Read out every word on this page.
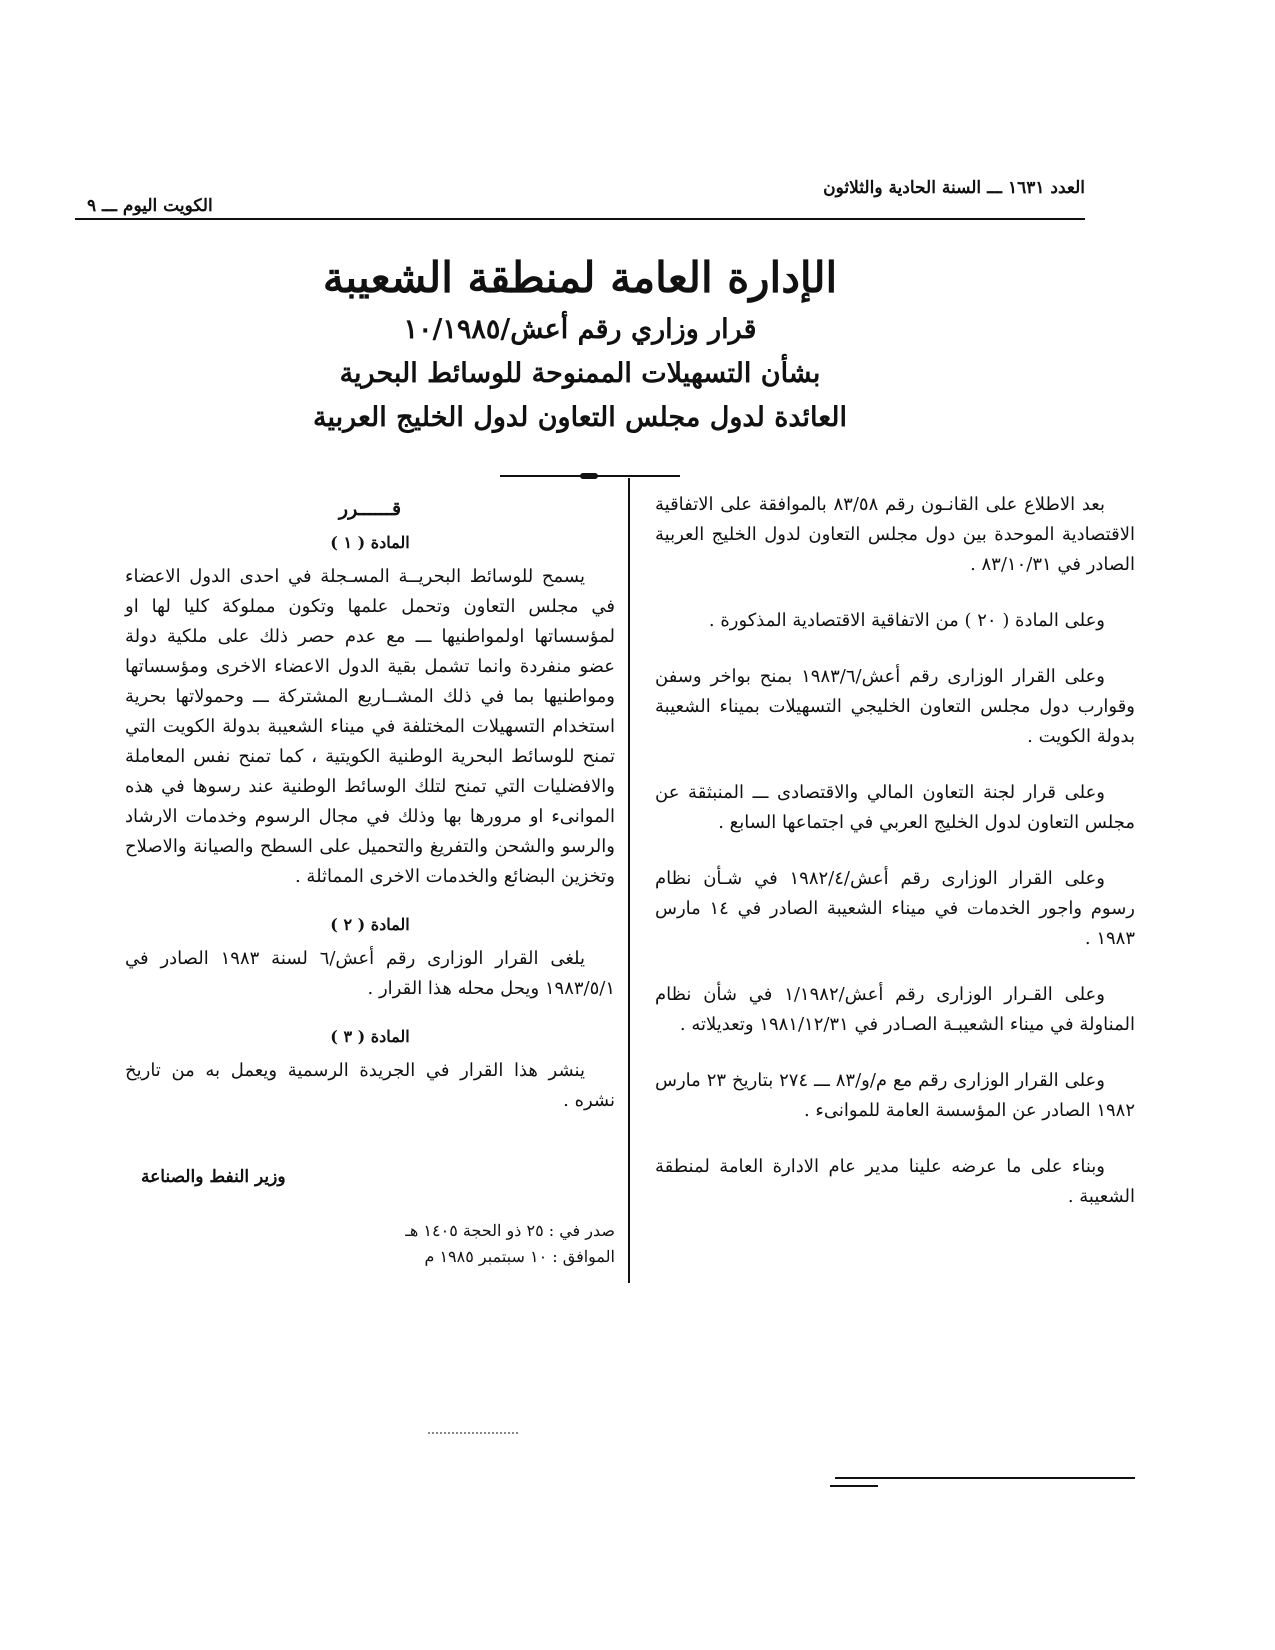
العدد ١٦٣١ ـــ السنة الحادية والثلاثون
الكويت اليوم ـــ ٩
الإدارة العامة لمنطقة الشعيبة
قرار وزاري رقم أعش/١٠/١٩٨٥
بشأن التسهيلات الممنوحة للوسائط البحرية
العائدة لدول مجلس التعاون لدول الخليج العربية

بعد الاطلاع على القانـون رقم ٨٣/٥٨ بالموافقة على الاتفاقية الاقتصادية الموحدة بين دول مجلس التعاون لدول الخليج العربية الصادر في ٨٣/١٠/٣١ .

وعلى المادة ( ٢٠ ) من الاتفاقية الاقتصادية المذكورة .

وعلى القرار الوزارى رقم أعش/١٩٨٣/٦ بمنح بواخر وسفن وقوارب دول مجلس التعاون الخليجي التسهيلات بميناء الشعيبة بدولة الكويت .

وعلى قرار لجنة التعاون المالي والاقتصادى ـــ المنبثقة عن مجلس التعاون لدول الخليج العربي في اجتماعها السابع .

وعلى القرار الوزارى رقم أعش/١٩٨٢/٤ في شـأن نظام رسوم واجور الخدمات في ميناء الشعيبة الصادر في ١٤ مارس ١٩٨٣ .

وعلى القـرار الوزارى رقم أعش/١/١٩٨٢ في شأن نظام المناولة في ميناء الشعيبـة الصـادر في ١٩٨١/١٢/٣١ وتعديلاته .

وعلى القرار الوزارى رقم مع م/و/٨٣ ـــ ٢٧٤ بتاريخ ٢٣ مارس ١٩٨٢ الصادر عن المؤسسة العامة للموانىء .

وبناء على ما عرضه علينا مدير عام الادارة العامة لمنطقة الشعيبة .

قــــــرر
المادة ( ١ )

يسمح للوسائط البحريــة المسـجلة في احدى الدول الاعضاء في مجلس التعاون وتحمل علمها وتكون مملوكة كليا لها او لمؤسساتها اولمواطنيها ـــ مع عدم حصر ذلك على ملكية دولة عضو منفردة وانما تشمل بقية الدول الاعضاء الاخرى ومؤسساتها ومواطنيها بما في ذلك المشــاريع المشتركة ـــ وحمولاتها بحرية استخدام التسهيلات المختلفة في ميناء الشعيبة بدولة الكويت التي تمنح للوسائط البحرية الوطنية الكويتية ، كما تمنح نفس المعاملة والافضليات التي تمنح لتلك الوسائط الوطنية عند رسوها في هذه الموانىء او مرورها بها وذلك في مجال الرسوم وخدمات الارشاد والرسو والشحن والتفريغ والتحميل على السطح والصيانة والاصلاح وتخزين البضائع والخدمات الاخرى المماثلة .

المادة ( ٢ )

يلغى القرار الوزارى رقم أعش/٦ لسنة ١٩٨٣ الصادر في ١٩٨٣/٥/١ ويحل محله هذا القرار .

المادة ( ٣ )

ينشر هذا القرار في الجريدة الرسمية ويعمل به من تاريخ نشره .

وزير النفط والصناعة
صدر في : ٢٥ ذو الحجة ١٤٠٥ هـ
الموافق : ١٠ سبتمبر ١٩٨٥ م
